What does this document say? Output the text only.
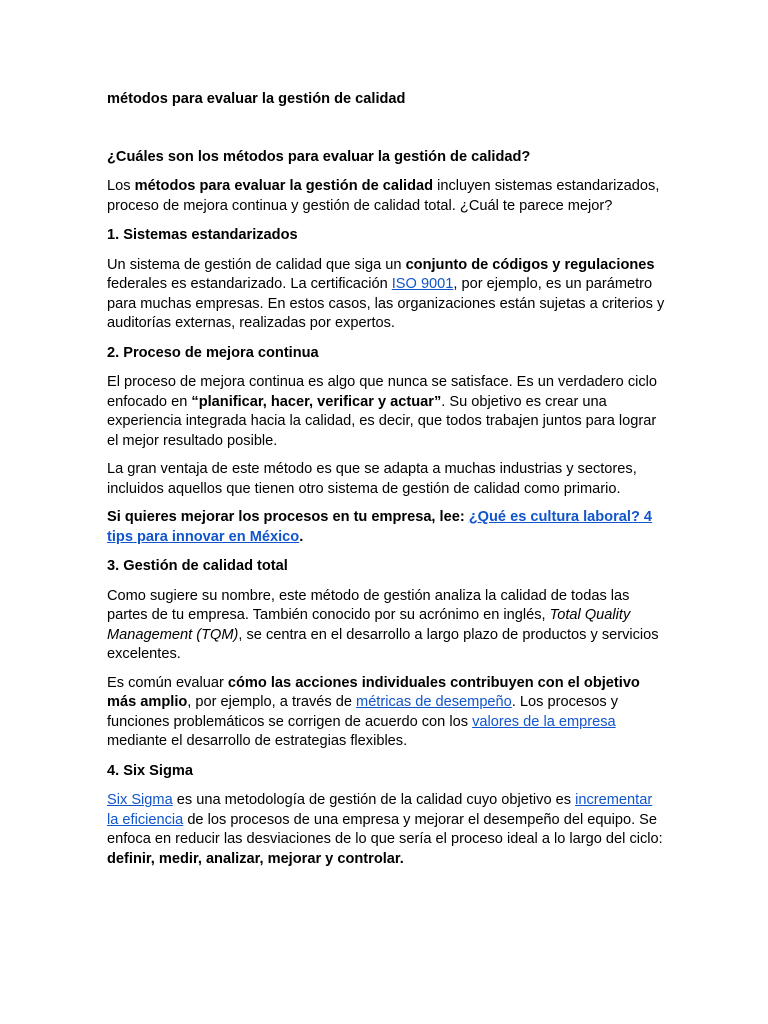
métodos para evaluar la gestión de calidad

¿Cuáles son los métodos para evaluar la gestión de calidad?

Los métodos para evaluar la gestión de calidad incluyen sistemas estandarizados, proceso de mejora continua y gestión de calidad total. ¿Cuál te parece mejor?

1. Sistemas estandarizados

Un sistema de gestión de calidad que siga un conjunto de códigos y regulaciones federales es estandarizado. La certificación ISO 9001, por ejemplo, es un parámetro para muchas empresas. En estos casos, las organizaciones están sujetas a criterios y auditorías externas, realizadas por expertos.

2. Proceso de mejora continua

El proceso de mejora continua es algo que nunca se satisface. Es un verdadero ciclo enfocado en “planificar, hacer, verificar y actuar”. Su objetivo es crear una experiencia integrada hacia la calidad, es decir, que todos trabajen juntos para lograr el mejor resultado posible.

La gran ventaja de este método es que se adapta a muchas industrias y sectores, incluidos aquellos que tienen otro sistema de gestión de calidad como primario.

Si quieres mejorar los procesos en tu empresa, lee: ¿Qué es cultura laboral? 4 tips para innovar en México.

3. Gestión de calidad total

Como sugiere su nombre, este método de gestión analiza la calidad de todas las partes de tu empresa. También conocido por su acrónimo en inglés, Total Quality Management (TQM), se centra en el desarrollo a largo plazo de productos y servicios excelentes.

Es común evaluar cómo las acciones individuales contribuyen con el objetivo más amplio, por ejemplo, a través de métricas de desempeño. Los procesos y funciones problemáticos se corrigen de acuerdo con los valores de la empresa mediante el desarrollo de estrategias flexibles.

4. Six Sigma

Six Sigma es una metodología de gestión de la calidad cuyo objetivo es incrementar la eficiencia de los procesos de una empresa y mejorar el desempeño del equipo. Se enfoca en reducir las desviaciones de lo que sería el proceso ideal a lo largo del ciclo: definir, medir, analizar, mejorar y controlar.
